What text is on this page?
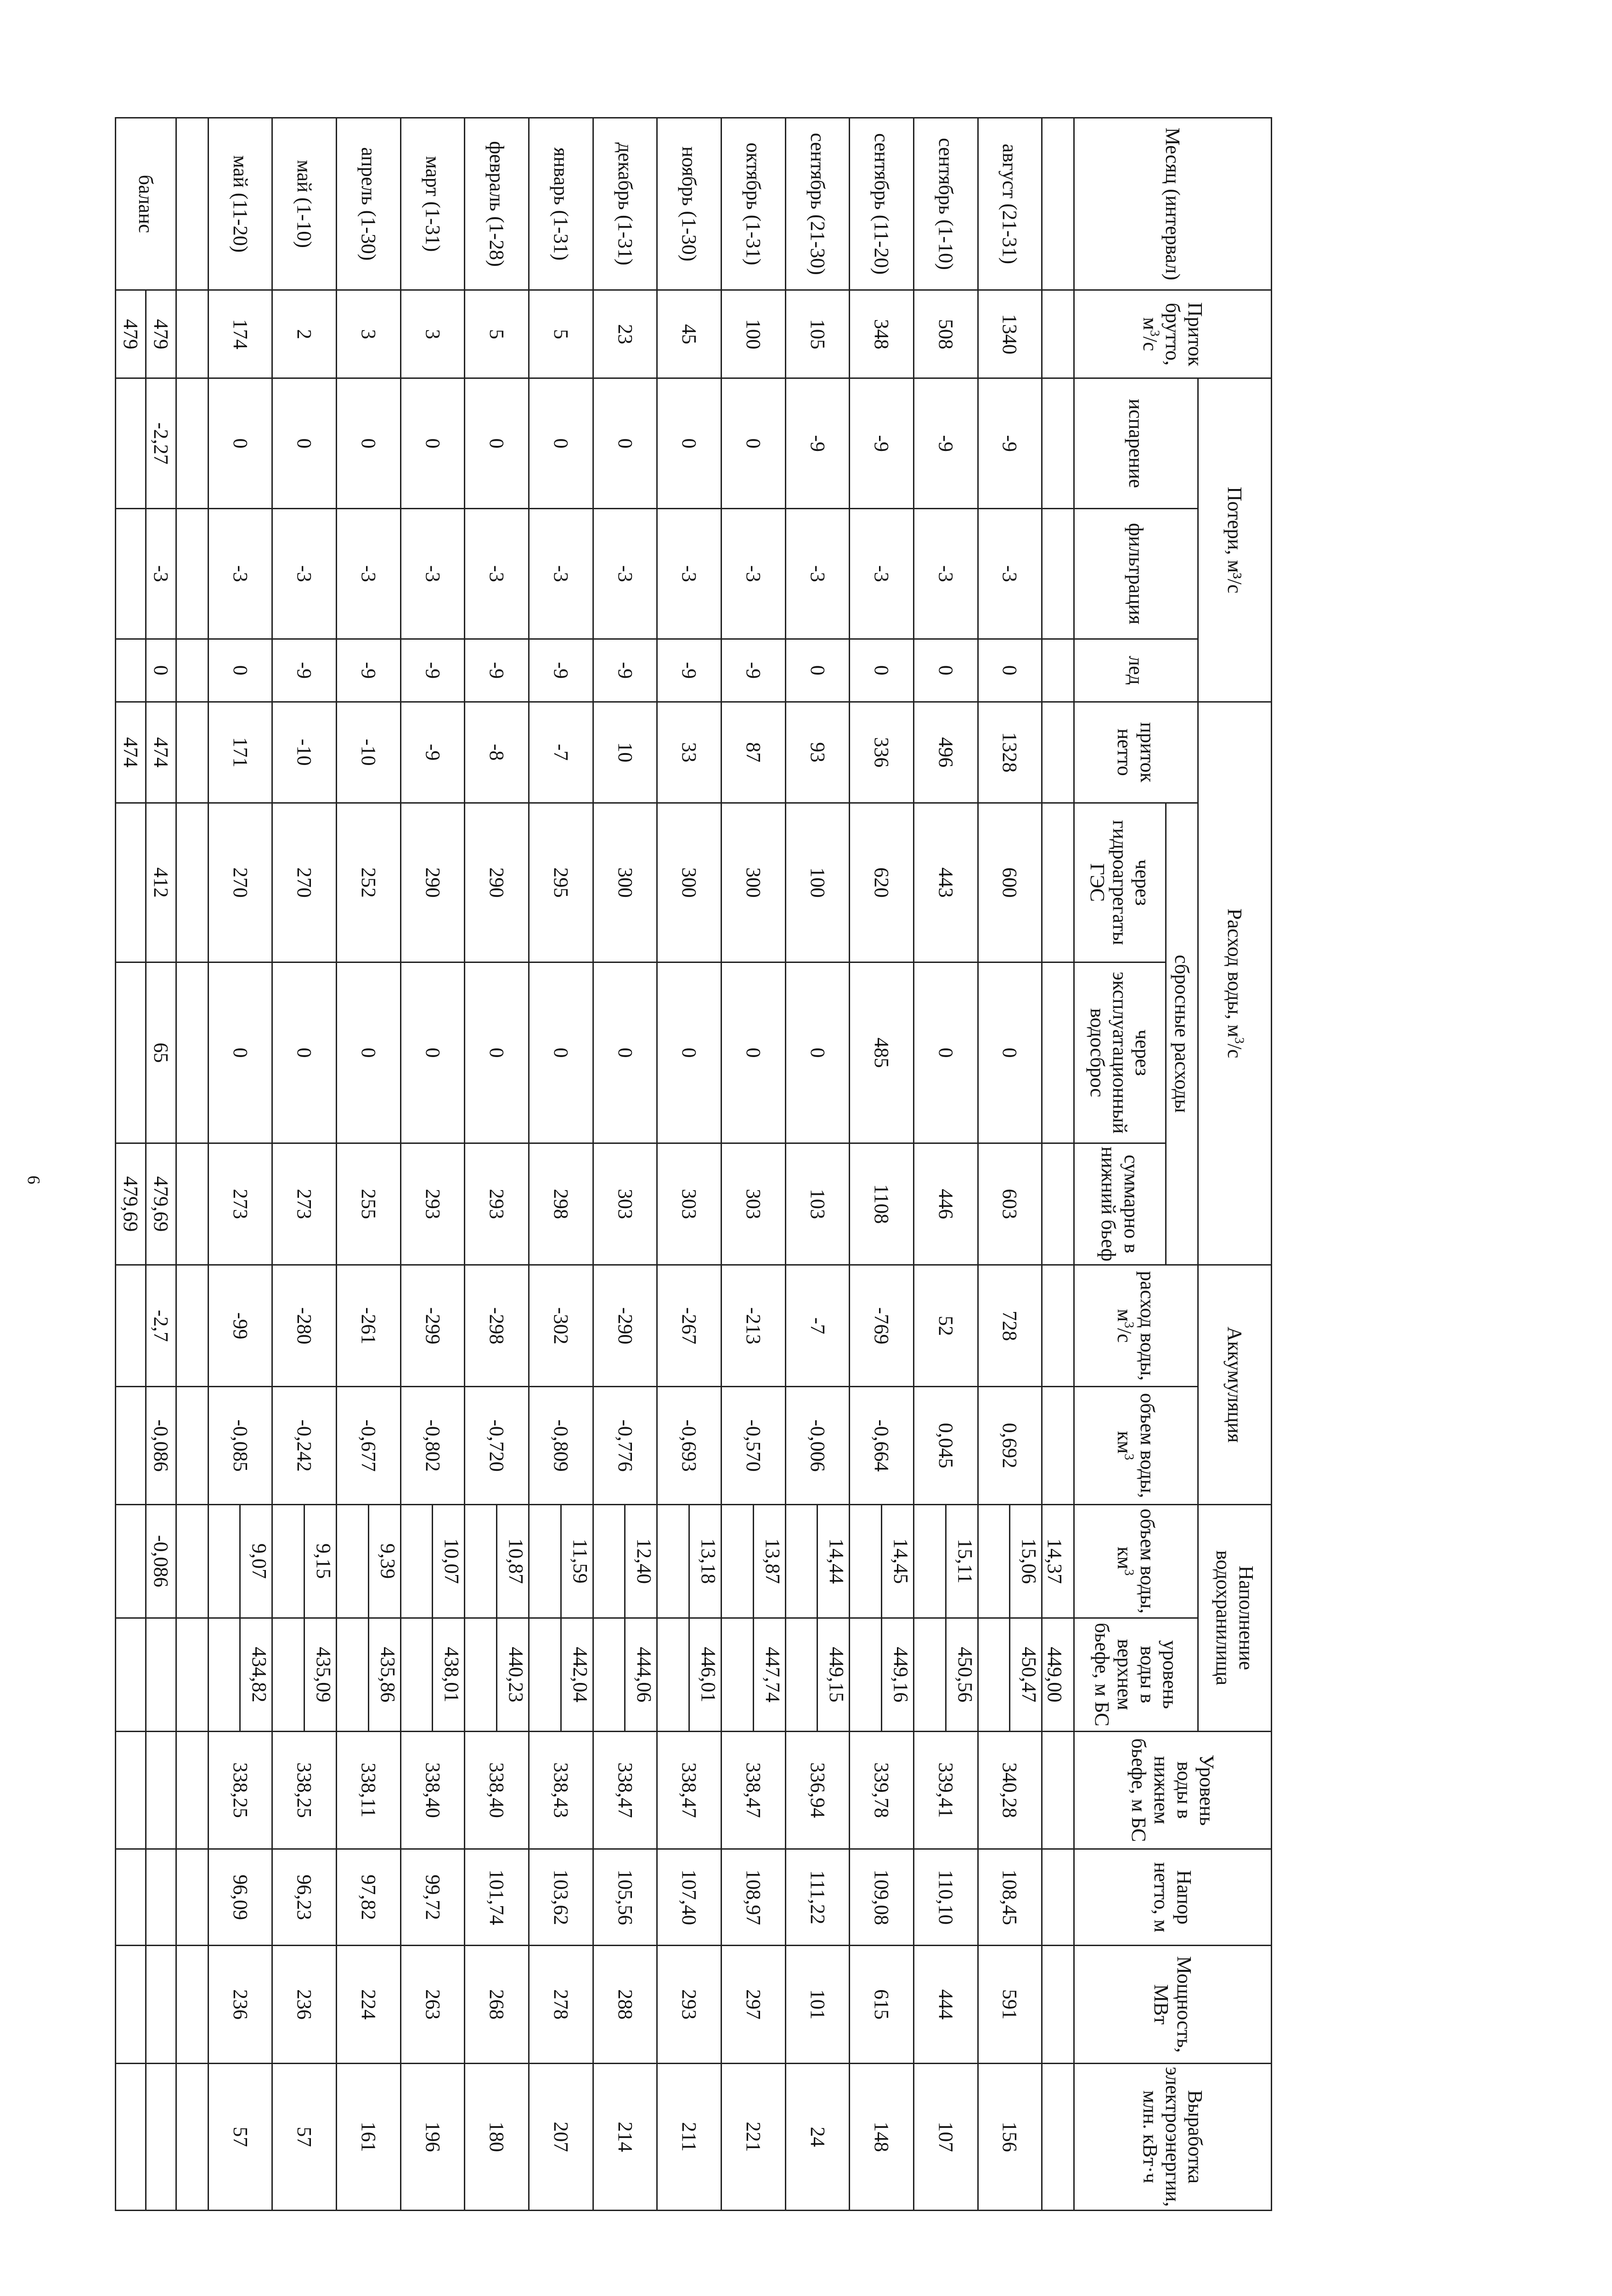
6
Месяц (интервал)	Приток брутто, $м^3/с$	Потери, м³/с			Расход воды, $м^3/с$				Аккумуляция		Наполнение водохранилища		Уровень воды в нижнем бьефе, м БС	Напор нетто, м	Мощность, МВт	Выработка электроэнергии, млн. кВт·ч
		испарение	фильтрация	лед	приток нетто	сбросные расходы			расход воды, $м^3/с$	объем воды, $км^3$	объем воды, $км^3$	уровень воды в верхнем бьефе, м БС				
						через гидроагрегаты ГЭС	через эксплуатационный водосброс	суммарно в нижний бьеф								
											14,37	449,00				
август (21-31)	1340	-9	-3	0	1328	600	0	603	728	0,692	15,06	450,47	340,28	108,45	591	156

сентябрь (1-10)	508	-9	-3	0	496	443	0	446	52	0,045	15,11	450,56	339,41	110,10	444	107

сентябрь (11-20)	348	-9	-3	0	336	620	485	1108	-769	-0,664	14,45	449,16	339,78	109,08	615	148

сентябрь (21-30)	105	-9	-3	0	93	100	0	103	-7	-0,006	14,44	449,15	336,94	111,22	101	24

октябрь (1-31)	100	0	-3	-9	87	300	0	303	-213	-0,570	13,87	447,74	338,47	108,97	297	221

ноябрь (1-30)	45	0	-3	-9	33	300	0	303	-267	-0,693	13,18	446,01	338,47	107,40	293	211

декабрь (1-31)	23	0	-3	-9	10	300	0	303	-290	-0,776	12,40	444,06	338,47	105,56	288	214

январь (1-31)	5	0	-3	-9	-7	295	0	298	-302	-0,809	11,59	442,04	338,43	103,62	278	207

февраль (1-28)	5	0	-3	-9	-8	290	0	293	-298	-0,720	10,87	440,23	338,40	101,74	268	180

март (1-31)	3	0	-3	-9	-9	290	0	293	-299	-0,802	10,07	438,01	338,40	99,72	263	196

апрель (1-30)	3	0	-3	-9	-10	252	0	255	-261	-0,677	9,39	435,86	338,11	97,82	224	161

май (1-10)	2	0	-3	-9	-10	270	0	273	-280	-0,242	9,15	435,09	338,25	96,23	236	57

май (11-20)	174	0	-3	0	171	270	0	273	-99	-0,085	9,07	434,82	338,25	96,09	236	57

баланс	479	-2,27	-3	0	474	412	65	479,69	-2,7	-0,086	-0,086					
	479				474			479,69								
